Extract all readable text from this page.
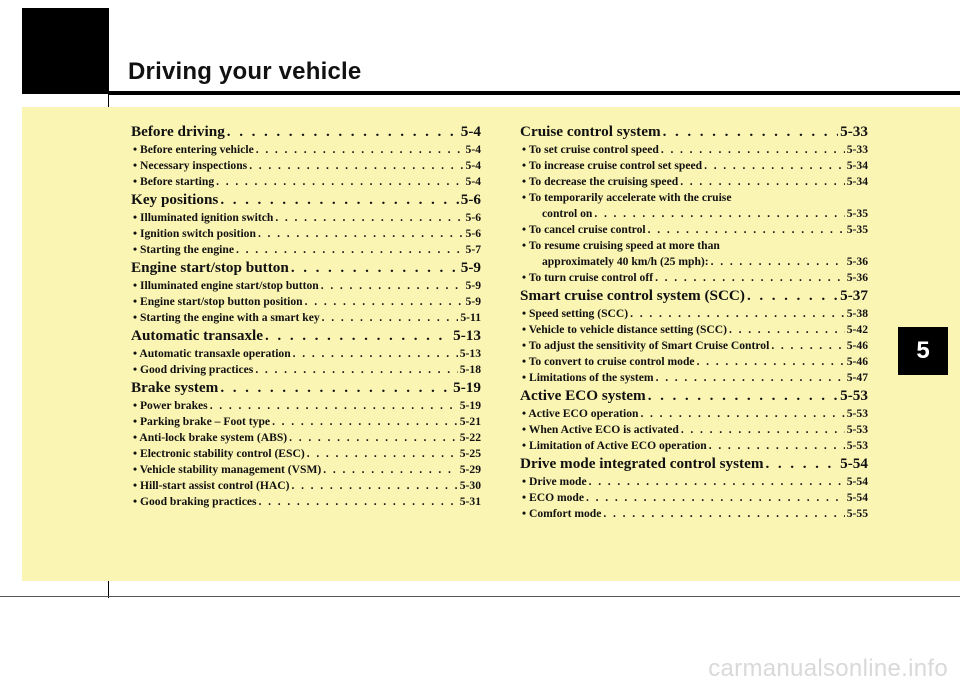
Driving your vehicle
Before driving . . .	5-4
• Before entering vehicle . . .	5-4
• Necessary inspections . . .	5-4
• Before starting . . .	5-4
Key positions . . .	5-6
• Illuminated ignition switch . . .	5-6
• Ignition switch position . . .	5-6
• Starting the engine . . .	5-7
Engine start/stop button . . .	5-9
• Illuminated engine start/stop button . . .	5-9
• Engine start/stop button position . . .	5-9
• Starting the engine with a smart key . . .	5-11
Automatic transaxle . . .	5-13
• Automatic transaxle operation . . .	5-13
• Good driving practices . . .	5-18
Brake system . . .	5-19
• Power brakes . . .	5-19
• Parking brake – Foot type . . .	5-21
• Anti-lock brake system (ABS) . . .	5-22
• Electronic stability control (ESC) . . .	5-25
• Vehicle stability management (VSM) . . .	5-29
• Hill-start assist control (HAC) . . .	5-30
• Good braking practices . . .	5-31
Cruise control system . . .	5-33
• To set cruise control speed . . .	5-33
• To increase cruise control set speed . . .	5-34
• To decrease the cruising speed . . .	5-34
• To temporarily accelerate with the cruise
control on . . .	5-35
• To cancel cruise control . . .	5-35
• To resume cruising speed at more than
approximately 40 km/h (25 mph): . . .	5-36
• To turn cruise control off . . .	5-36
Smart cruise control system (SCC) . . .	5-37
• Speed setting (SCC) . . .	5-38
• Vehicle to vehicle distance setting (SCC) . . .	5-42
• To adjust the sensitivity of Smart Cruise Control . . .	5-46
• To convert to cruise control mode . . .	5-46
• Limitations of the system . . .	5-47
Active ECO system . . .	5-53
• Active ECO operation . . .	5-53
• When Active ECO is activated . . .	5-53
• Limitation of Active ECO operation . . .	5-53
Drive mode integrated control system . . .	5-54
• Drive mode . . .	5-54
• ECO mode . . .	5-54
• Comfort mode . . .	5-55
5
carmanualsonline.info
